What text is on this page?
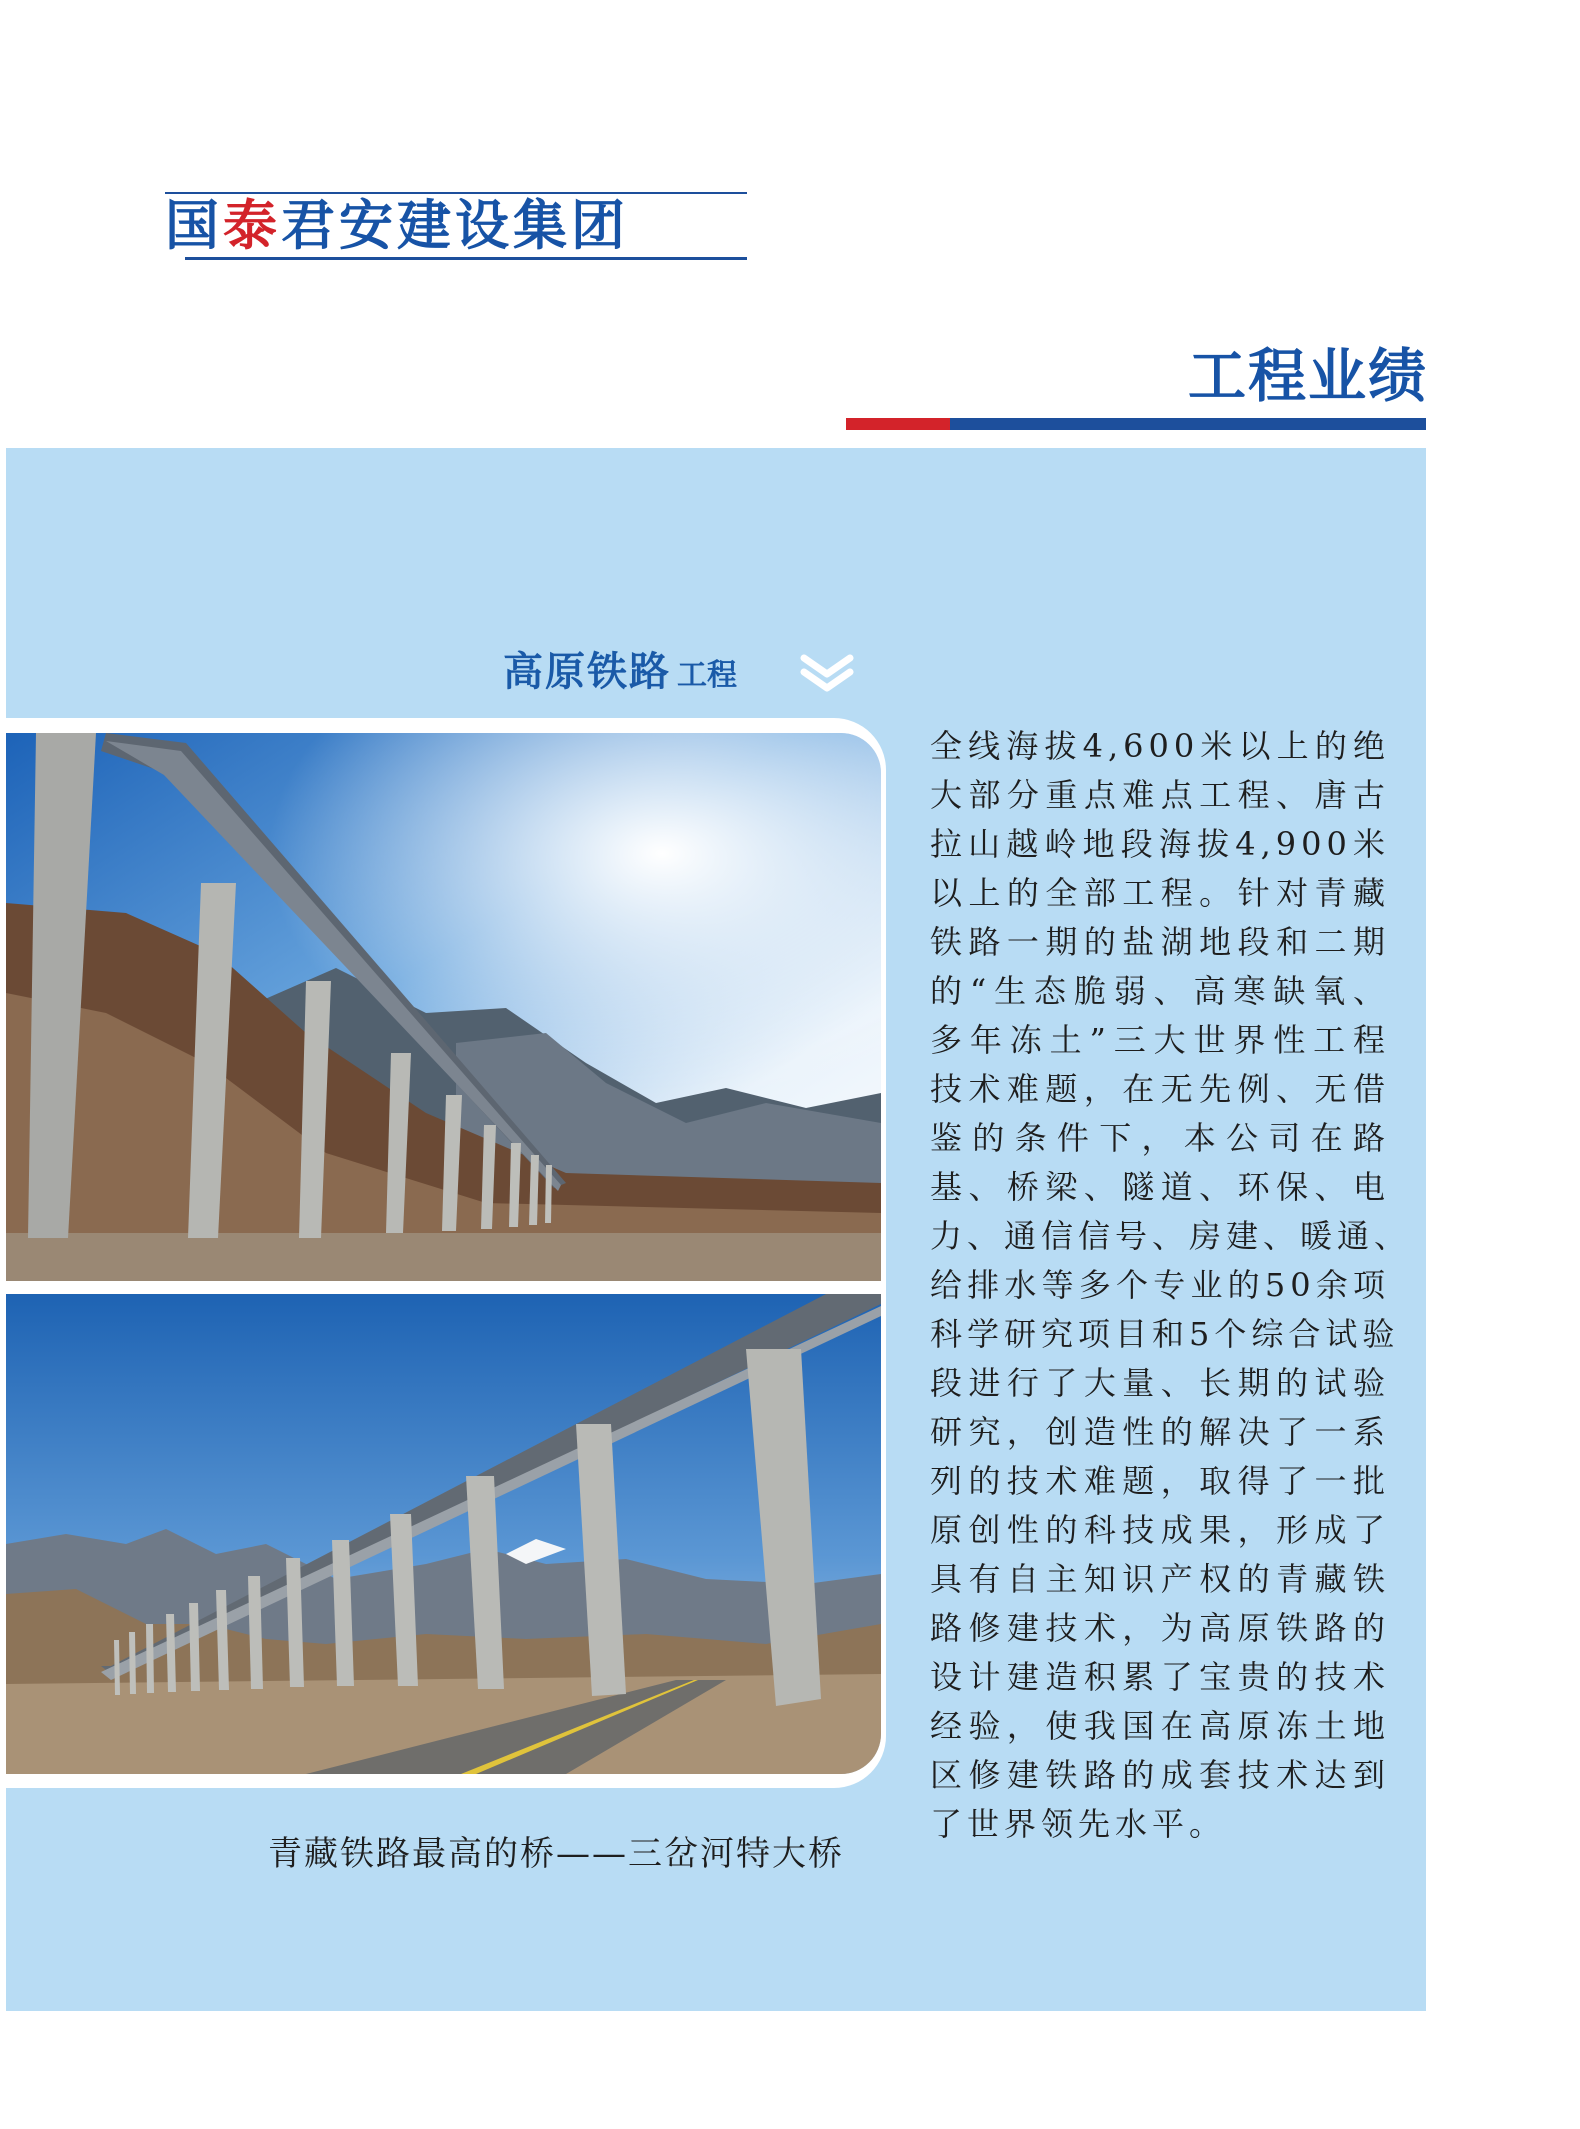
国泰君安建设集团
工程业绩
高原铁路 工程
青藏铁路最高的桥——三岔河特大桥
全线海拔4,600米以上的绝
大部分重点难点工程、唐古
拉山越岭地段海拔4,900米
以上的全部工程。针对青藏
铁路一期的盐湖地段和二期
的“生态脆弱、高寒缺氧、
多年冻土”三大世界性工程
技术难题，在无先例、无借
鉴的条件下，本公司在路
基、桥梁、隧道、环保、电
力、通信信号、房建、暖通、
给排水等多个专业的50余项
科学研究项目和5个综合试验
段进行了大量、长期的试验
研究，创造性的解决了一系
列的技术难题，取得了一批
原创性的科技成果，形成了
具有自主知识产权的青藏铁
路修建技术，为高原铁路的
设计建造积累了宝贵的技术
经验，使我国在高原冻土地
区修建铁路的成套技术达到
了世界领先水平。
